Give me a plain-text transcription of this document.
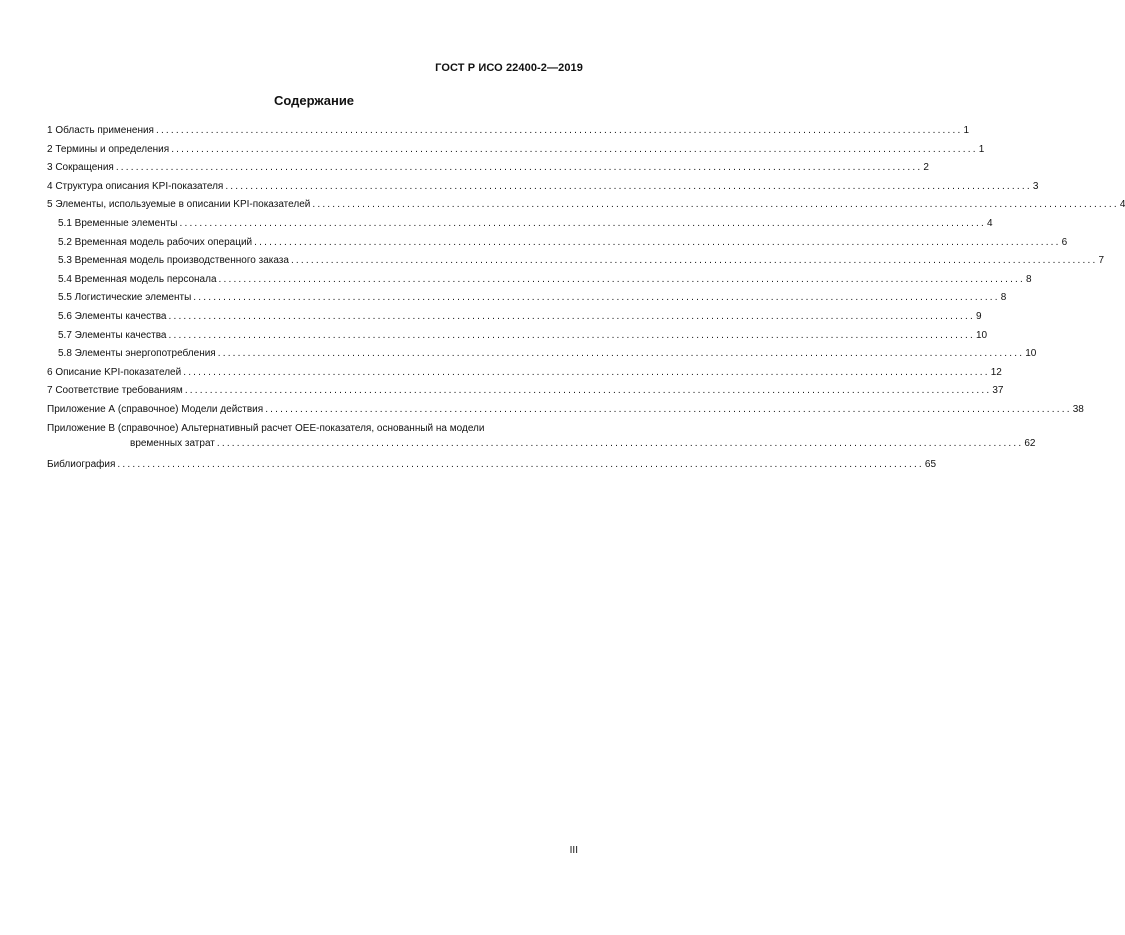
ГОСТ Р ИСО 22400-2—2019
Содержание
1 Область применения .................................................................................................................................................................. 1
2 Термины и определения .................................................................................................................................................................. 1
3 Сокращения .................................................................................................................................................................. 2
4 Структура описания KPI-показателя .................................................................................................................................................................. 3
5 Элементы, используемые в описании KPI-показателей .................................................................................................................................................................. 4
5.1 Временные элементы .................................................................................................................................................................. 4
5.2 Временная модель рабочих операций .................................................................................................................................................................. 6
5.3 Временная модель производственного заказа .................................................................................................................................................................. 7
5.4 Временная модель персонала .................................................................................................................................................................. 8
5.5 Логистические элементы .................................................................................................................................................................. 8
5.6 Элементы качества .................................................................................................................................................................. 9
5.7 Элементы качества .................................................................................................................................................................. 10
5.8 Элементы энергопотребления .................................................................................................................................................................. 10
6 Описание KPI-показателей .................................................................................................................................................................. 12
7 Соответствие требованиям .................................................................................................................................................................. 37
Приложение А (справочное) Модели действия .................................................................................................................................................................. 38
Приложение В (справочное) Альтернативный расчет OEE-показателя, основанный на модели
временных затрат .................................................................................................................................................................. 62
Библиография .................................................................................................................................................................. 65
III
